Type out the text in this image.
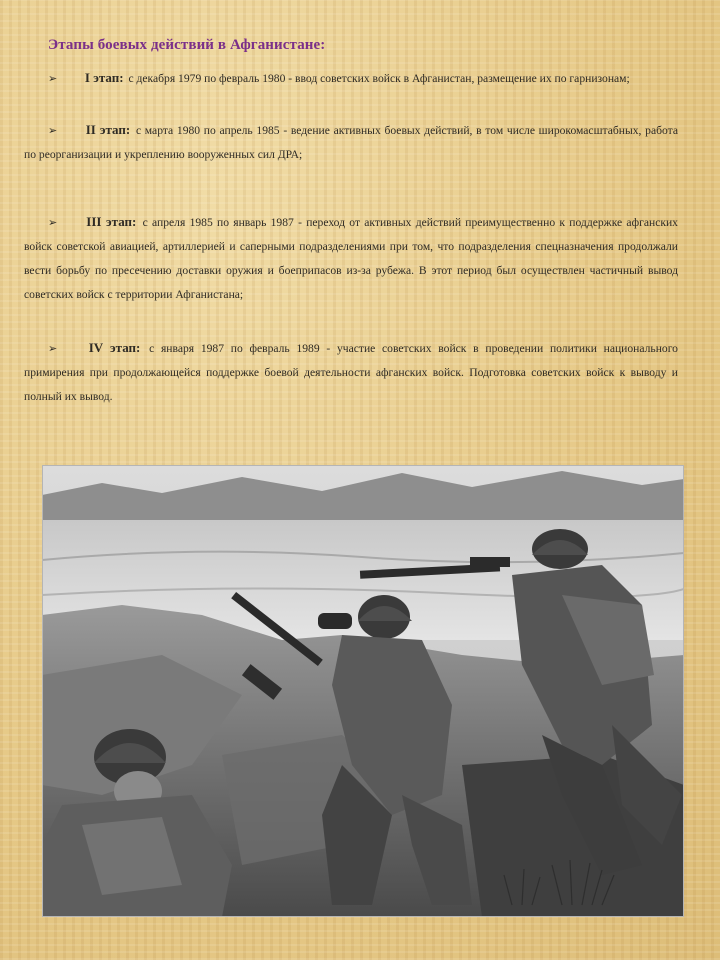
Этапы боевых действий в Афганистане:
➢ I этап: с декабря 1979 по февраль 1980 - ввод советских войск в Афганистан, размещение их по гарнизонам;
➢ II этап: с марта 1980 по апрель 1985 - ведение активных боевых действий, в том числе широкомасштабных, работа по реорганизации и укреплению вооруженных сил ДРА;
➢ III этап: с апреля 1985 по январь 1987 - переход от активных действий преимущественно к поддержке афганских войск советской авиацией, артиллерией и саперными подразделениями при том, что подразделения спецназначения продолжали вести борьбу по пресечению доставки оружия и боеприпасов из-за рубежа. В этот период был осуществлен частичный вывод советских войск с территории Афганистана;
➢ IV этап: с января 1987 по февраль 1989 - участие советских войск в проведении политики национального примирения при продолжающейся поддержке боевой деятельности афганских войск. Подготовка советских войск к выводу и полный их вывод.
